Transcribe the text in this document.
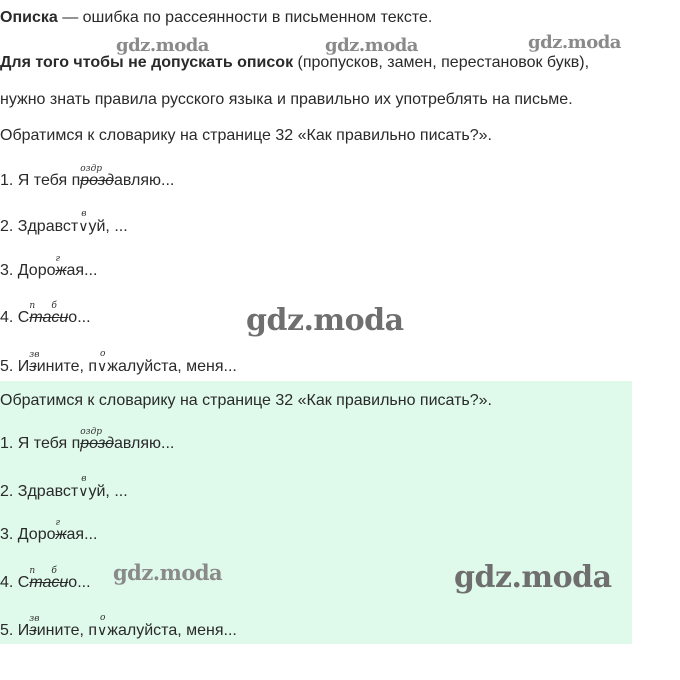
Описка — ошибка по рассеянности в письменном тексте.
Для того чтобы не допускать описок (пропусков, замен, перестановок букв),
нужно знать правила русского языка и правильно их употреблять на письме.
Обратимся к словарику на странице 32 «Как правильно писать?».
1. Я тебя п
оздр
роздавляю...
2. Здравст
в
∨уй, ...
3. Доро
г
жая...
4. С
п
та
б
сио...
5. И
зв
зините, п
о
∨жалуйста, меня...
Обратимся к словарику на странице 32 «Как правильно писать?».
1. Я тебя п
оздр
роздавляю...
2. Здравст
в
∨уй, ...
3. Доро
г
жая...
4. С
п
та
б
сио...
5. И
зв
зините, п
о
∨жалуйста, меня...
gdz.moda	gdz.moda	gdz.moda
gdz.moda
gdz.moda	gdz.moda
